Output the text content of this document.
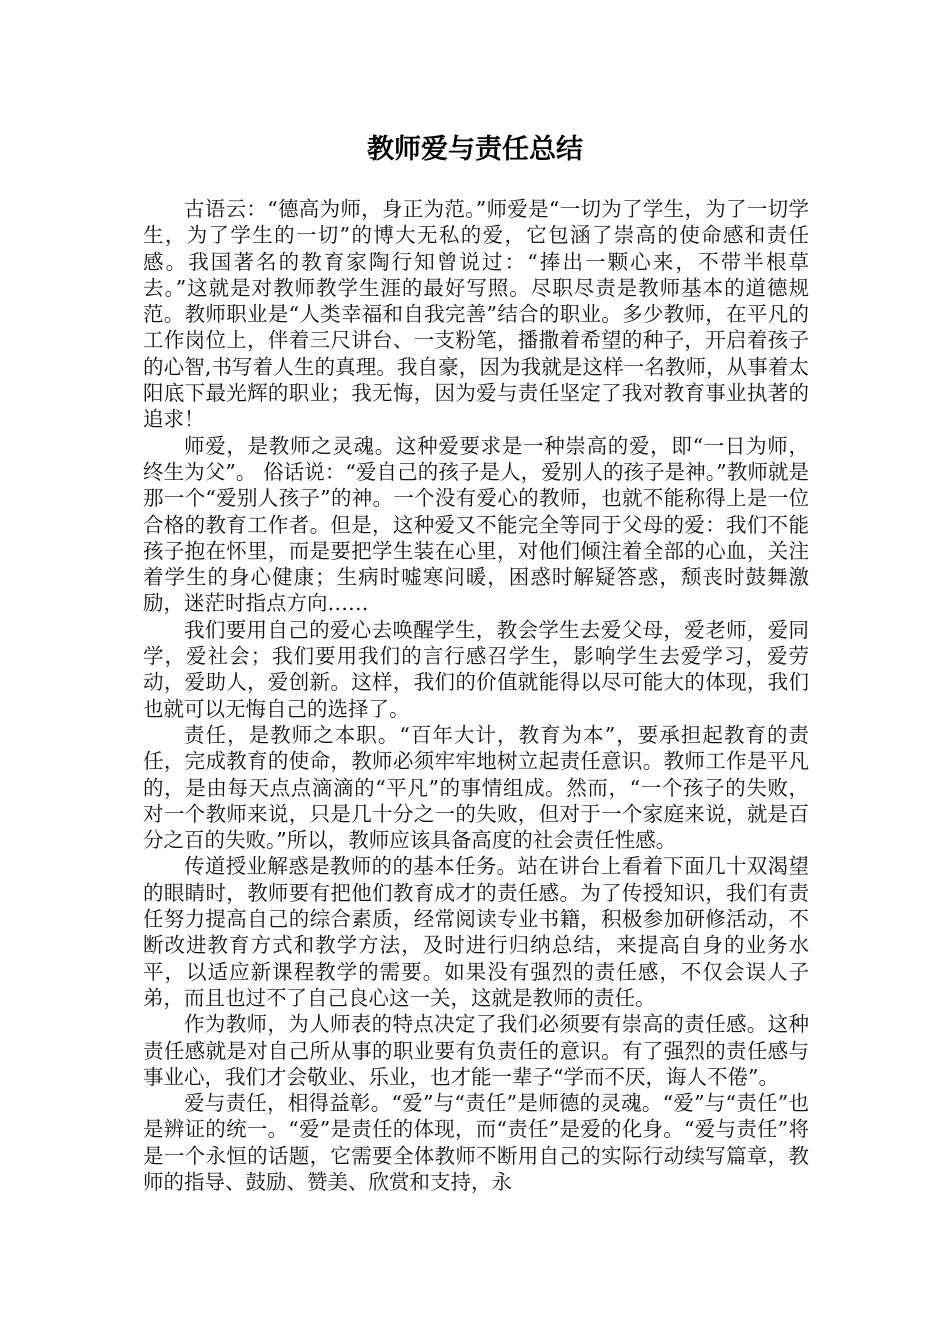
教师爱与责任总结

古语云：“德高为师，身正为范。”师爱是“一切为了学生，为了一切学生，为了学生的一切”的博大无私的爱，它包涵了崇高的使命感和责任感。我国著名的教育家陶行知曾说过：“捧出一颗心来，不带半根草去。”这就是对教师教学生涯的最好写照。尽职尽责是教师基本的道德规范。教师职业是“人类幸福和自我完善”结合的职业。多少教师，在平凡的工作岗位上，伴着三尺讲台、一支粉笔，播撒着希望的种子，开启着孩子的心智,书写着人生的真理。我自豪，因为我就是这样一名教师，从事着太阳底下最光辉的职业；我无悔，因为爱与责任坚定了我对教育事业执著的追求！

师爱，是教师之灵魂。这种爱要求是一种崇高的爱，即“一日为师，终生为父”。 俗话说：“爱自己的孩子是人，爱别人的孩子是神。”教师就是那一个“爱别人孩子”的神。一个没有爱心的教师，也就不能称得上是一位合格的教育工作者。但是，这种爱又不能完全等同于父母的爱：我们不能孩子抱在怀里，而是要把学生装在心里，对他们倾注着全部的心血，关注着学生的身心健康；生病时嘘寒问暖，困惑时解疑答惑，颓丧时鼓舞激励，迷茫时指点方向……

我们要用自己的爱心去唤醒学生，教会学生去爱父母，爱老师，爱同学，爱社会；我们要用我们的言行感召学生，影响学生去爱学习，爱劳动，爱助人，爱创新。这样，我们的价值就能得以尽可能大的体现，我们也就可以无悔自己的选择了。

责任，是教师之本职。“百年大计，教育为本”，要承担起教育的责任，完成教育的使命，教师必须牢牢地树立起责任意识。教师工作是平凡的，是由每天点点滴滴的“平凡”的事情组成。然而，“一个孩子的失败，对一个教师来说，只是几十分之一的失败，但对于一个家庭来说，就是百分之百的失败。”所以，教师应该具备高度的社会责任性感。

传道授业解惑是教师的的基本任务。站在讲台上看着下面几十双渴望的眼睛时，教师要有把他们教育成才的责任感。为了传授知识，我们有责任努力提高自己的综合素质，经常阅读专业书籍，积极参加研修活动，不断改进教育方式和教学方法，及时进行归纳总结，来提高自身的业务水平，以适应新课程教学的需要。如果没有强烈的责任感，不仅会误人子弟，而且也过不了自己良心这一关，这就是教师的责任。

作为教师，为人师表的特点决定了我们必须要有崇高的责任感。这种责任感就是对自己所从事的职业要有负责任的意识。有了强烈的责任感与事业心，我们才会敬业、乐业，也才能一辈子“学而不厌，诲人不倦”。

爱与责任，相得益彰。“爱”与“责任”是师德的灵魂。“爱”与“责任”也是辨证的统一。“爱”是责任的体现，而“责任”是爱的化身。“爱与责任”将是一个永恒的话题，它需要全体教师不断用自己的实际行动续写篇章，教师的指导、鼓励、赞美、欣赏和支持，永
